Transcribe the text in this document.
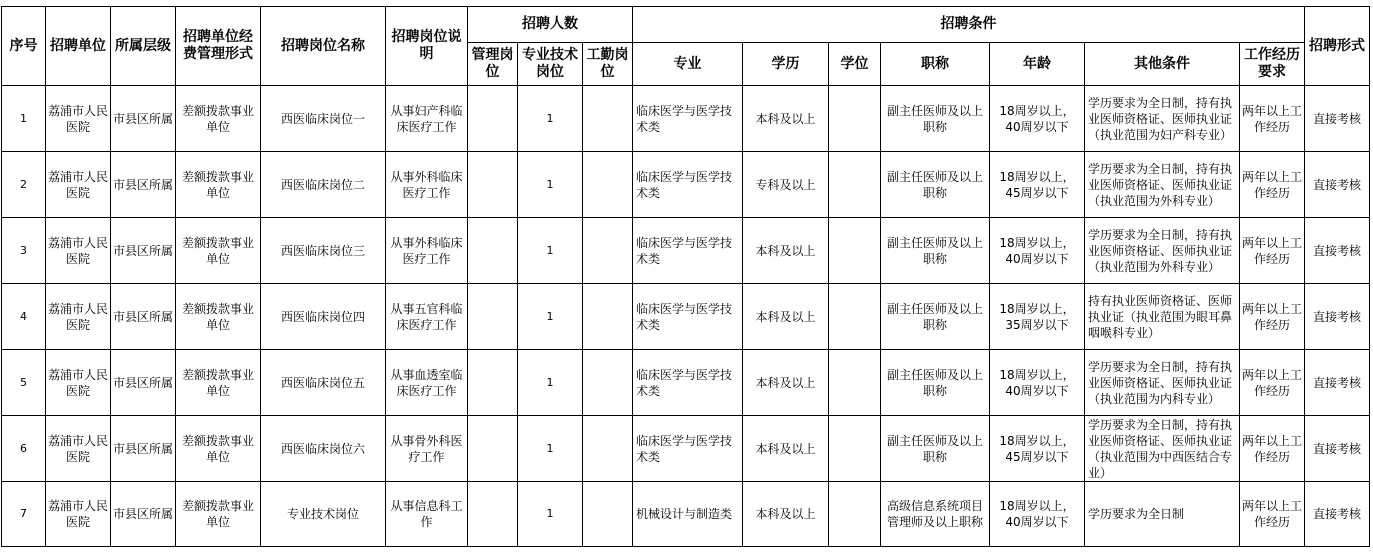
序号	招聘单位	所属层级	招聘单位经费管理形式	招聘岗位名称	招聘岗位说明	招聘人数			招聘条件							招聘形式
						管理岗位	专业技术岗位	工勤岗位	专业	学历	学位	职称	年龄	其他条件	工作经历要求	
1	荔浦市人民医院	市县区所属	差额拨款事业单位	西医临床岗位一	从事妇产科临床医疗工作		1		临床医学与医学技术类	本科及以上		副主任医师及以上职称	18周岁以上，40周岁以下	学历要求为全日制，持有执业医师资格证、医师执业证（执业范围为妇产科专业）	两年以上工作经历	直接考核
2	荔浦市人民医院	市县区所属	差额拨款事业单位	西医临床岗位二	从事外科临床医疗工作		1		临床医学与医学技术类	专科及以上		副主任医师及以上职称	18周岁以上，45周岁以下	学历要求为全日制，持有执业医师资格证、医师执业证（执业范围为外科专业）	两年以上工作经历	直接考核
3	荔浦市人民医院	市县区所属	差额拨款事业单位	西医临床岗位三	从事外科临床医疗工作		1		临床医学与医学技术类	本科及以上		副主任医师及以上职称	18周岁以上，40周岁以下	学历要求为全日制，持有执业医师资格证、医师执业证（执业范围为外科专业）	两年以上工作经历	直接考核
4	荔浦市人民医院	市县区所属	差额拨款事业单位	西医临床岗位四	从事五官科临床医疗工作		1		临床医学与医学技术类	本科及以上		副主任医师及以上职称	18周岁以上，35周岁以下	持有执业医师资格证、医师执业证（执业范围为眼耳鼻咽喉科专业）	两年以上工作经历	直接考核
5	荔浦市人民医院	市县区所属	差额拨款事业单位	西医临床岗位五	从事血透室临床医疗工作		1		临床医学与医学技术类	本科及以上		副主任医师及以上职称	18周岁以上，40周岁以下	学历要求为全日制，持有执业医师资格证、医师执业证（执业范围为内科专业）	两年以上工作经历	直接考核
6	荔浦市人民医院	市县区所属	差额拨款事业单位	西医临床岗位六	从事骨外科医疗工作		1		临床医学与医学技术类	本科及以上		副主任医师及以上职称	18周岁以上，45周岁以下	学历要求为全日制，持有执业医师资格证、医师执业证（执业范围为中西医结合专业）	两年以上工作经历	直接考核
7	荔浦市人民医院	市县区所属	差额拨款事业单位	专业技术岗位	从事信息科工作		1		机械设计与制造类	本科及以上		高级信息系统项目管理师及以上职称	18周岁以上，40周岁以下	学历要求为全日制	两年以上工作经历	直接考核
